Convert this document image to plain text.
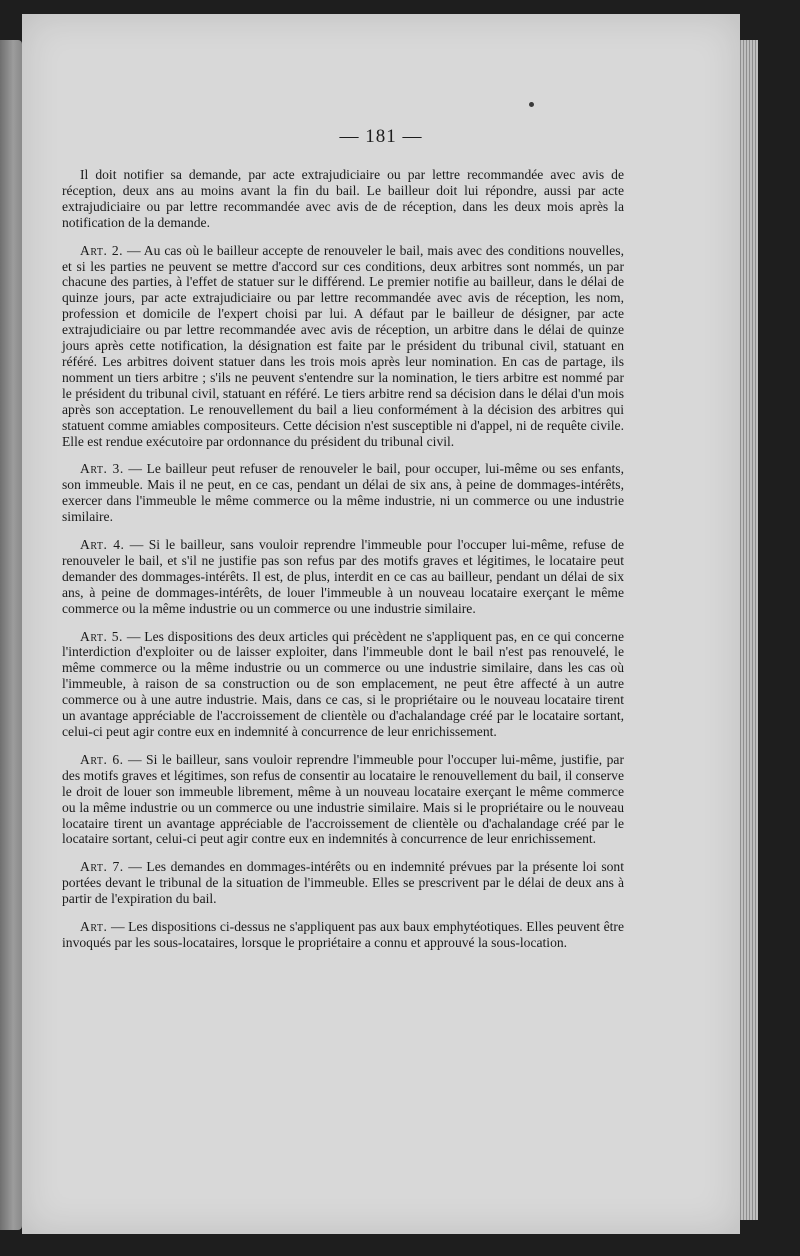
— 181 —

Il doit notifier sa demande, par acte extrajudiciaire ou par lettre recommandée avec avis de réception, deux ans au moins avant la fin du bail. Le bailleur doit lui répondre, aussi par acte extrajudiciaire ou par lettre recommandée avec avis de de réception, dans les deux mois après la notification de la demande.

Art. 2. — Au cas où le bailleur accepte de renouveler le bail, mais avec des conditions nouvelles, et si les parties ne peuvent se mettre d'accord sur ces conditions, deux arbitres sont nommés, un par chacune des parties, à l'effet de statuer sur le différend. Le premier notifie au bailleur, dans le délai de quinze jours, par acte extrajudiciaire ou par lettre recommandée avec avis de réception, les nom, profession et domicile de l'expert choisi par lui. A défaut par le bailleur de désigner, par acte extrajudiciaire ou par lettre recommandée avec avis de réception, un arbitre dans le délai de quinze jours après cette notification, la désignation est faite par le président du tribunal civil, statuant en référé. Les arbitres doivent statuer dans les trois mois après leur nomination. En cas de partage, ils nomment un tiers arbitre ; s'ils ne peuvent s'entendre sur la nomination, le tiers arbitre est nommé par le président du tribunal civil, statuant en référé. Le tiers arbitre rend sa décision dans le délai d'un mois après son acceptation. Le renouvellement du bail a lieu conformément à la décision des arbitres qui statuent comme amiables compositeurs. Cette décision n'est susceptible ni d'appel, ni de requête civile. Elle est rendue exécutoire par ordonnance du président du tribunal civil.

Art. 3. — Le bailleur peut refuser de renouveler le bail, pour occuper, lui-même ou ses enfants, son immeuble. Mais il ne peut, en ce cas, pendant un délai de six ans, à peine de dommages-intérêts, exercer dans l'immeuble le même commerce ou la même industrie, ni un commerce ou une industrie similaire.

Art. 4. — Si le bailleur, sans vouloir reprendre l'immeuble pour l'occuper lui-même, refuse de renouveler le bail, et s'il ne justifie pas son refus par des motifs graves et légitimes, le locataire peut demander des dommages-intérêts. Il est, de plus, interdit en ce cas au bailleur, pendant un délai de six ans, à peine de dommages-intérêts, de louer l'immeuble à un nouveau locataire exerçant le même commerce ou la même industrie ou un commerce ou une industrie similaire.

Art. 5. — Les dispositions des deux articles qui précèdent ne s'appliquent pas, en ce qui concerne l'interdiction d'exploiter ou de laisser exploiter, dans l'immeuble dont le bail n'est pas renouvelé, le même commerce ou la même industrie ou un commerce ou une industrie similaire, dans les cas où l'immeuble, à raison de sa construction ou de son emplacement, ne peut être affecté à un autre commerce ou à une autre industrie. Mais, dans ce cas, si le propriétaire ou le nouveau locataire tirent un avantage appréciable de l'accroissement de clientèle ou d'achalandage créé par le locataire sortant, celui-ci peut agir contre eux en indemnité à concurrence de leur enrichissement.

Art. 6. — Si le bailleur, sans vouloir reprendre l'immeuble pour l'occuper lui-même, justifie, par des motifs graves et légitimes, son refus de consentir au locataire le renouvellement du bail, il conserve le droit de louer son immeuble librement, même à un nouveau locataire exerçant le même commerce ou la même industrie ou un commerce ou une industrie similaire. Mais si le propriétaire ou le nouveau locataire tirent un avantage appréciable de l'accroissement de clientèle ou d'achalandage créé par le locataire sortant, celui-ci peut agir contre eux en indemnités à concurrence de leur enrichissement.

Art. 7. — Les demandes en dommages-intérêts ou en indemnité prévues par la présente loi sont portées devant le tribunal de la situation de l'immeuble. Elles se prescrivent par le délai de deux ans à partir de l'expiration du bail.

Art. — Les dispositions ci-dessus ne s'appliquent pas aux baux emphytéotiques. Elles peuvent être invoqués par les sous-locataires, lorsque le propriétaire a connu et approuvé la sous-location.
